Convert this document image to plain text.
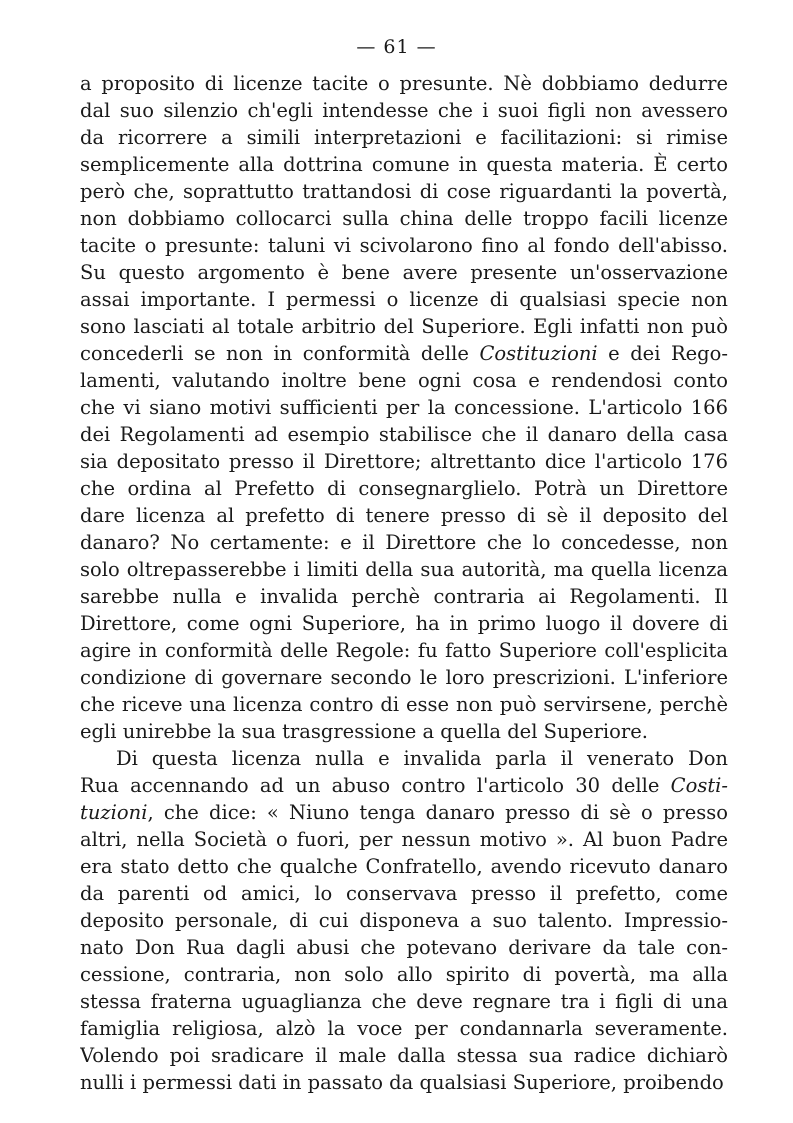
— 61 —
a proposito di licenze tacite o presunte. Nè dobbiamo dedurre
dal suo silenzio ch'egli intendesse che i suoi figli non avessero
da ricorrere a simili interpretazioni e facilitazioni: si rimise
semplicemente alla dottrina comune in questa materia. È certo
però che, soprattutto trattandosi di cose riguardanti la povertà,
non dobbiamo collocarci sulla china delle troppo facili licenze
tacite o presunte: taluni vi scivolarono fino al fondo dell'abisso.
Su questo argomento è bene avere presente un'osservazione
assai importante. I permessi o licenze di qualsiasi specie non
sono lasciati al totale arbitrio del Superiore. Egli infatti non può
concederli se non in conformità delle Costituzioni e dei Rego-
lamenti, valutando inoltre bene ogni cosa e rendendosi conto
che vi siano motivi sufficienti per la concessione. L'articolo 166
dei Regolamenti ad esempio stabilisce che il danaro della casa
sia depositato presso il Direttore; altrettanto dice l'articolo 176
che ordina al Prefetto di consegnarglielo. Potrà un Direttore
dare licenza al prefetto di tenere presso di sè il deposito del
danaro? No certamente: e il Direttore che lo concedesse, non
solo oltrepasserebbe i limiti della sua autorità, ma quella licenza
sarebbe nulla e invalida perchè contraria ai Regolamenti. Il
Direttore, come ogni Superiore, ha in primo luogo il dovere di
agire in conformità delle Regole: fu fatto Superiore coll'esplicita
condizione di governare secondo le loro prescrizioni. L'inferiore
che riceve una licenza contro di esse non può servirsene, perchè
egli unirebbe la sua trasgressione a quella del Superiore.
Di questa licenza nulla e invalida parla il venerato Don
Rua accennando ad un abuso contro l'articolo 30 delle Costi-
tuzioni, che dice: « Niuno tenga danaro presso di sè o presso
altri, nella Società o fuori, per nessun motivo ». Al buon Padre
era stato detto che qualche Confratello, avendo ricevuto danaro
da parenti od amici, lo conservava presso il prefetto, come
deposito personale, di cui disponeva a suo talento. Impressio-
nato Don Rua dagli abusi che potevano derivare da tale con-
cessione, contraria, non solo allo spirito di povertà, ma alla
stessa fraterna uguaglianza che deve regnare tra i figli di una
famiglia religiosa, alzò la voce per condannarla severamente.
Volendo poi sradicare il male dalla stessa sua radice dichiarò
nulli i permessi dati in passato da qualsiasi Superiore, proibendo
